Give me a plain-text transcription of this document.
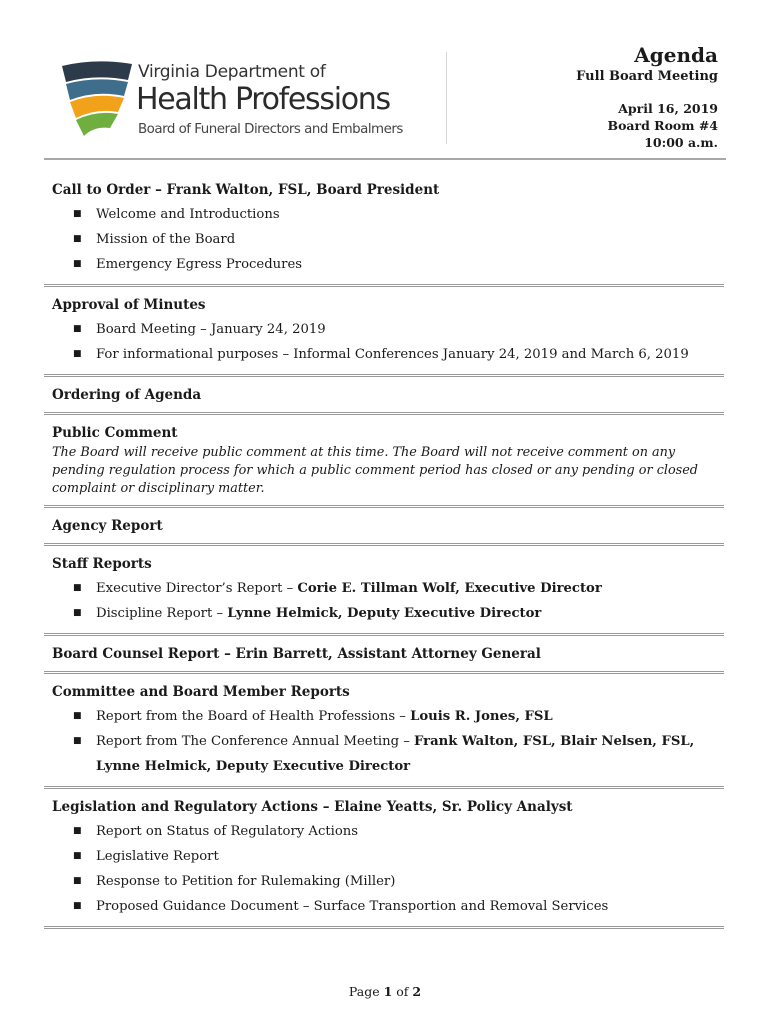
Virginia Department of
Health Professions
Board of Funeral Directors and Embalmers
Agenda
Full Board Meeting
April 16, 2019
Board Room #4
10:00 a.m.
Call to Order – Frank Walton, FSL, Board President
■ Welcome and Introductions
■ Mission of the Board
■ Emergency Egress Procedures
Approval of Minutes
■ Board Meeting – January 24, 2019
■ For informational purposes – Informal Conferences January 24, 2019 and March 6, 2019
Ordering of Agenda
Public Comment
The Board will receive public comment at this time. The Board will not receive comment on any pending regulation process for which a public comment period has closed or any pending or closed complaint or disciplinary matter.
Agency Report
Staff Reports
■ Executive Director’s Report – Corie E. Tillman Wolf, Executive Director
■ Discipline Report – Lynne Helmick, Deputy Executive Director
Board Counsel Report – Erin Barrett, Assistant Attorney General
Committee and Board Member Reports
■ Report from the Board of Health Professions – Louis R. Jones, FSL
■ Report from The Conference Annual Meeting – Frank Walton, FSL, Blair Nelsen, FSL, Lynne Helmick, Deputy Executive Director
Legislation and Regulatory Actions – Elaine Yeatts, Sr. Policy Analyst
■ Report on Status of Regulatory Actions
■ Legislative Report
■ Response to Petition for Rulemaking (Miller)
■ Proposed Guidance Document – Surface Transportion and Removal Services
Page 1 of 2
